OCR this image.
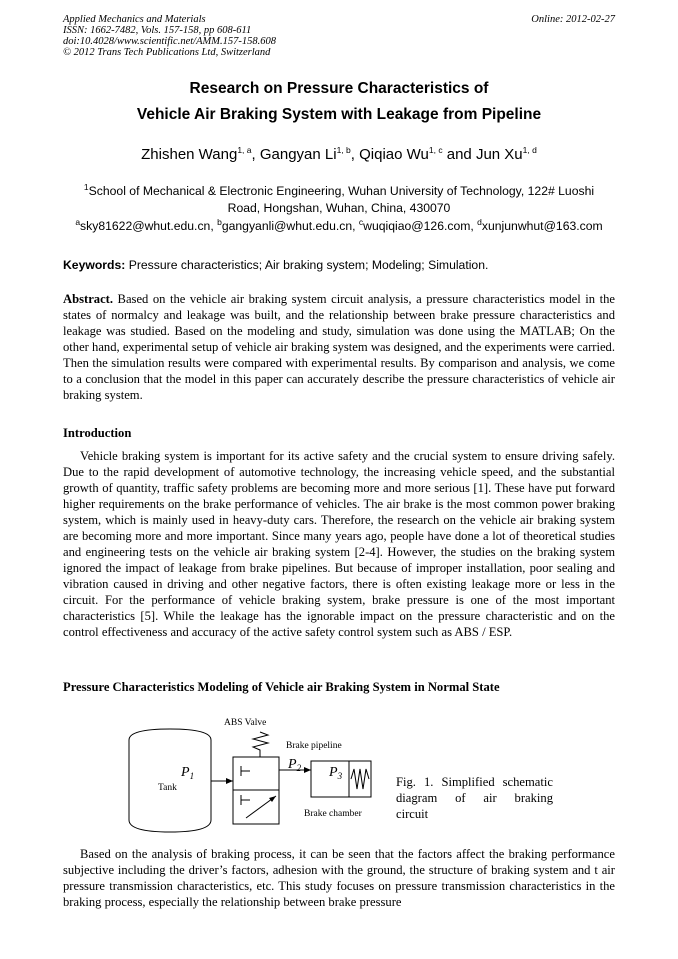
Applied Mechanics and Materials
ISSN: 1662-7482, Vols. 157-158, pp 608-611
doi:10.4028/www.scientific.net/AMM.157-158.608
© 2012 Trans Tech Publications Ltd, Switzerland
Online: 2012-02-27
Research on Pressure Characteristics of
Vehicle Air Braking System with Leakage from Pipeline
Zhishen Wang$^{1, a}$, Gangyan Li$^{1, b}$, Qiqiao Wu$^{1, c}$ and Jun Xu$^{1, d}$
$^1$School of Mechanical & Electronic Engineering, Wuhan University of Technology, 122# Luoshi
Road, Hongshan, Wuhan, China, 430070
$^a$sky81622@whut.edu.cn, $^b$gangyanli@whut.edu.cn, $^c$wuqiqiao@126.com, $^d$xunjunwhut@163.com
Keywords: Pressure characteristics; Air braking system; Modeling; Simulation.

Abstract. Based on the vehicle air braking system circuit analysis, a pressure characteristics model in the states of normalcy and leakage was built, and the relationship between brake pressure characteristics and leakage was studied. Based on the modeling and study, simulation was done using the MATLAB; On the other hand, experimental setup of vehicle air braking system was designed, and the experiments were carried. Then the simulation results were compared with experimental results. By comparison and analysis, we come to a conclusion that the model in this paper can accurately describe the pressure characteristics of vehicle air braking system.

Introduction

Vehicle braking system is important for its active safety and the crucial system to ensure driving safely. Due to the rapid development of automotive technology, the increasing vehicle speed, and the substantial growth of quantity, traffic safety problems are becoming more and more serious [1]. These have put forward higher requirements on the brake performance of vehicles. The air brake is the most common power braking system, which is mainly used in heavy-duty cars. Therefore, the research on the vehicle air braking system are becoming more and more important. Since many years ago, people have done a lot of theoretical studies and engineering tests on the vehicle air braking system [2-4]. However, the studies on the braking system ignored the impact of leakage from brake pipelines. But because of improper installation, poor sealing and vibration caused in driving and other negative factors, there is often existing leakage more or less in the circuit. For the performance of vehicle braking system, brake pressure is one of the most important characteristics [5]. While the leakage has the ignorable impact on the pressure characteristic and on the control effectiveness and accuracy of the active safety control system such as ABS / ESP.

Pressure Characteristics Modeling of Vehicle air Braking System in Normal State
ABS Valve
Brake pipeline
Tank
Brake chamber
$P_1$
$P_2$ $P_3$	Fig. 1. Simplified schematic diagram of air braking
circuit

Based on the analysis of braking process, it can be seen that the factors affect the braking performance subjective including the driver’s factors, adhesion with the ground, the structure of braking system and t air pressure transmission characteristics, etc. This study focuses on pressure transmission characteristics in the braking process, especially the relationship between brake pressure
